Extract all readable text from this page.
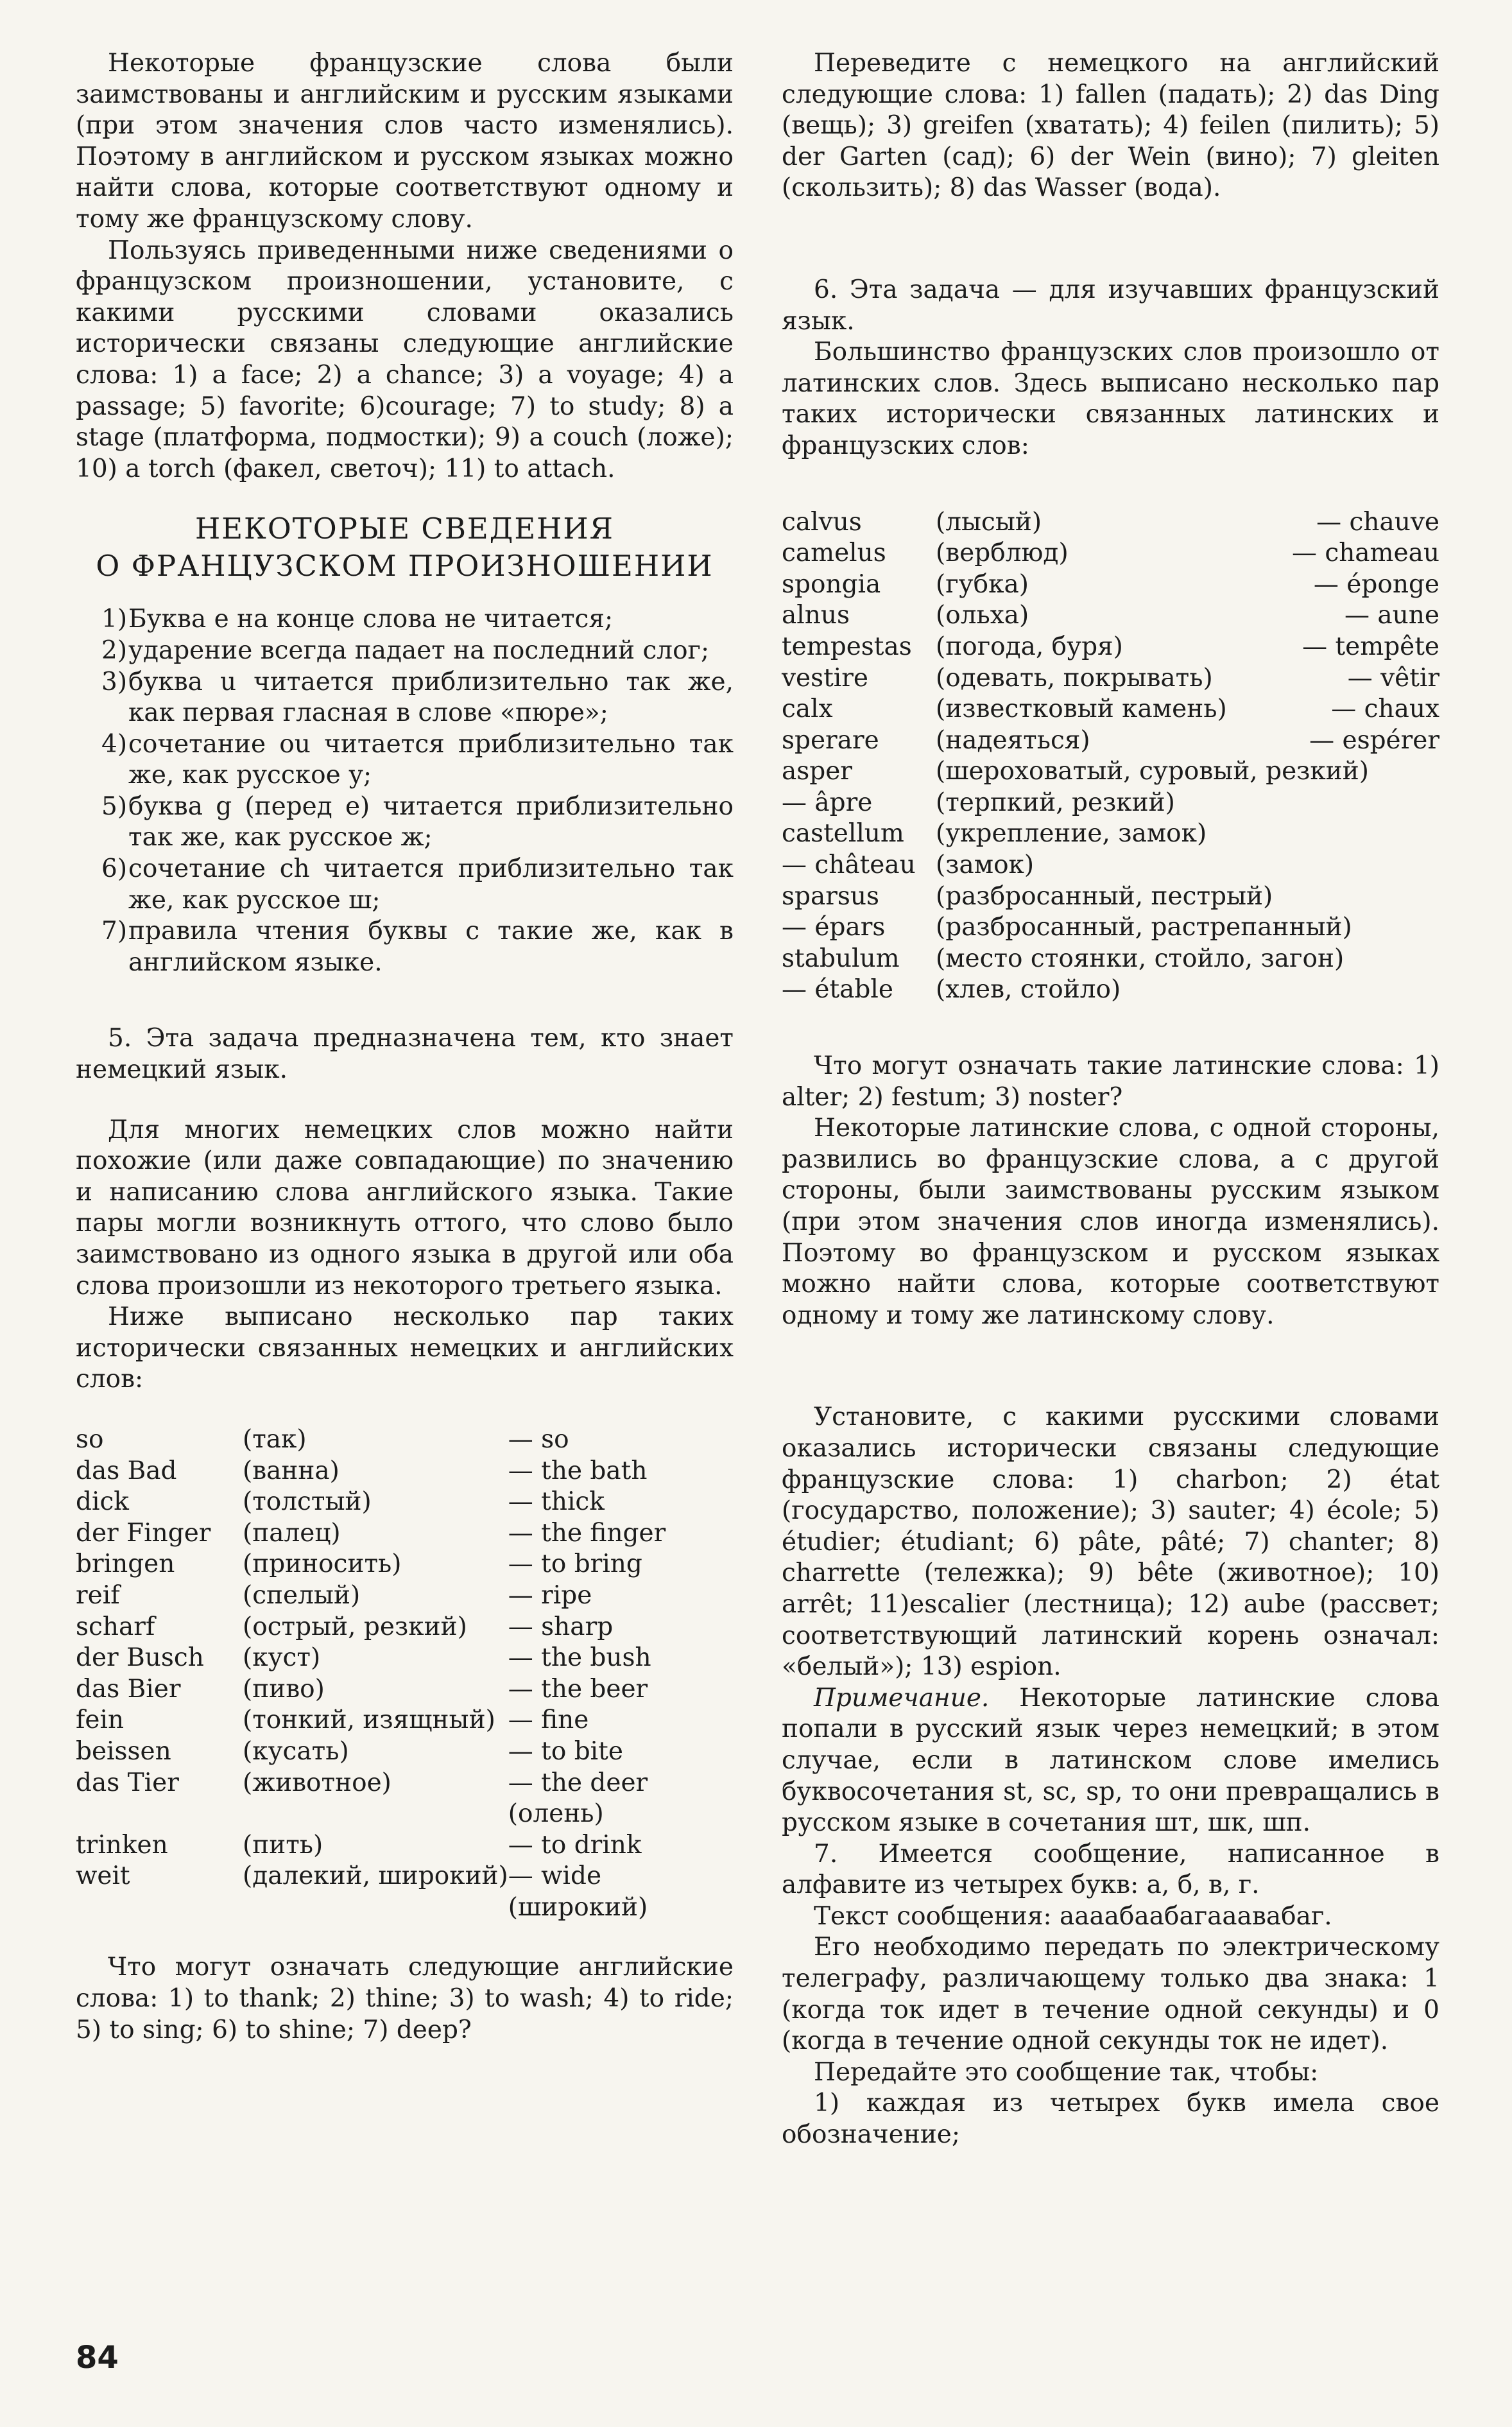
Некоторые французские слова были заимствованы и английским и русским языками (при этом значения слов часто изменялись). Поэтому в английском и русском языках можно найти слова, которые соответствуют одному и тому же французскому слову.

Пользуясь приведенными ниже сведениями о французском произношении, установите, с какими русскими словами оказались исторически связаны следующие английские слова: 1) a face; 2) a chance; 3) a voyage; 4) a passage; 5) favorite; 6)courage; 7) to study; 8) a stage (платформа, подмостки); 9) a couch (ложе); 10) a torch (факел, светоч); 11) to attach.

НЕКОТОРЫЕ СВЕДЕНИЯ
О ФРАНЦУЗСКОМ ПРОИЗНОШЕНИИ
1) Буква е на конце слова не читается;
2) ударение всегда падает на последний слог;
3) буква u читается приблизительно так же, как первая гласная в слове «пюре»;
4) сочетание ou читается приблизительно так же, как русское у;
5) буква g (перед е) читается приблизительно так же, как русское ж;
6) сочетание ch читается приблизительно так же, как русское ш;
7) правила чтения буквы с такие же, как в английском языке.

5. Эта задача предназначена тем, кто знает немецкий язык.

Для многих немецких слов можно найти похожие (или даже совпадающие) по значению и написанию слова английского языка. Такие пары могли возникнуть оттого, что слово было заимствовано из одного языка в другой или оба слова произошли из некоторого третьего языка.

Ниже выписано несколько пар таких исторически связанных немецких и английских слов:

so	(так)	— so
das Bad	(ванна)	— the bath
dick	(толстый)	— thick
der Finger	(палец)	— the finger
bringen	(приносить)	— to bring
reif	(спелый)	— ripe
scharf	(острый, резкий)	— sharp
der Busch	(куст)	— the bush
das Bier	(пиво)	— the beer
fein	(тонкий, изящный)	— fine
beissen	(кусать)	— to bite
das Tier	(животное)	— the deer
		(олень)
trinken	(пить)	— to drink
weit	(далекий, широкий)	— wide
		(широкий)

Что могут означать следующие английские слова: 1) to thank; 2) thine; 3) to wash; 4) to ride; 5) to sing; 6) to shine; 7) deep?

Переведите с немецкого на английский следующие слова: 1) fallen (падать); 2) das Ding (вещь); 3) greifen (хватать); 4) feilen (пилить); 5) der Garten (сад); 6) der Wein (вино); 7) gleiten (скользить); 8) das Wasser (вода).

6. Эта задача — для изучавших французский язык.

Большинство французских слов произошло от латинских слов. Здесь выписано несколько пар таких исторически связанных латинских и французских слов:

calvus	(лысый)	— chauve
camelus	(верблюд)	— chameau
spongia	(губка)	— éponge
alnus	(ольха)	— aune
tempestas	(погода, буря)	— tempête
vestire	(одевать, покрывать)	— vêtir
calx	(известковый камень)	— chaux
sperare	(надеяться)	— espérer
asper	(шероховатый, суровый, резкий)	
— âpre	(терпкий, резкий)	
castellum	(укрепление, замок)	
— château	(замок)	
sparsus	(разбросанный, пестрый)	
— épars	(разбросанный, растрепанный)	
stabulum	(место стоянки, стойло, загон)	
— étable	(хлев, стойло)	

Что могут означать такие латинские слова: 1) alter; 2) festum; 3) noster?

Некоторые латинские слова, с одной стороны, развились во французские слова, а с другой стороны, были заимствованы русским языком (при этом значения слов иногда изменялись). Поэтому во французском и русском языках можно найти слова, которые соответствуют одному и тому же латинскому слову.

Установите, с какими русскими словами оказались исторически связаны следующие французские слова: 1) charbon; 2) état (государство, положение); 3) sauter; 4) école; 5) étudier; étudiant; 6) pâte, pâté; 7) chanter; 8) charrette (тележка); 9) bête (животное); 10) arrêt; 11)escalier (лестница); 12) aube (рассвет; соответствующий латинский корень означал: «белый»); 13) espion.

Примечание. Некоторые латинские слова попали в русский язык через немецкий; в этом случае, если в латинском слове имелись буквосочетания st, sc, sp, то они превращались в русском языке в сочетания шт, шк, шп.

7. Имеется сообщение, написанное в алфавите из четырех букв: а, б, в, г.

Текст сообщения: аааабаабагааавабаг.

Его необходимо передать по электрическому телеграфу, различающему только два знака: 1 (когда ток идет в течение одной секунды) и 0 (когда в течение одной секунды ток не идет).

Передайте это сообщение так, чтобы:

1) каждая из четырех букв имела свое обозначение;

84
